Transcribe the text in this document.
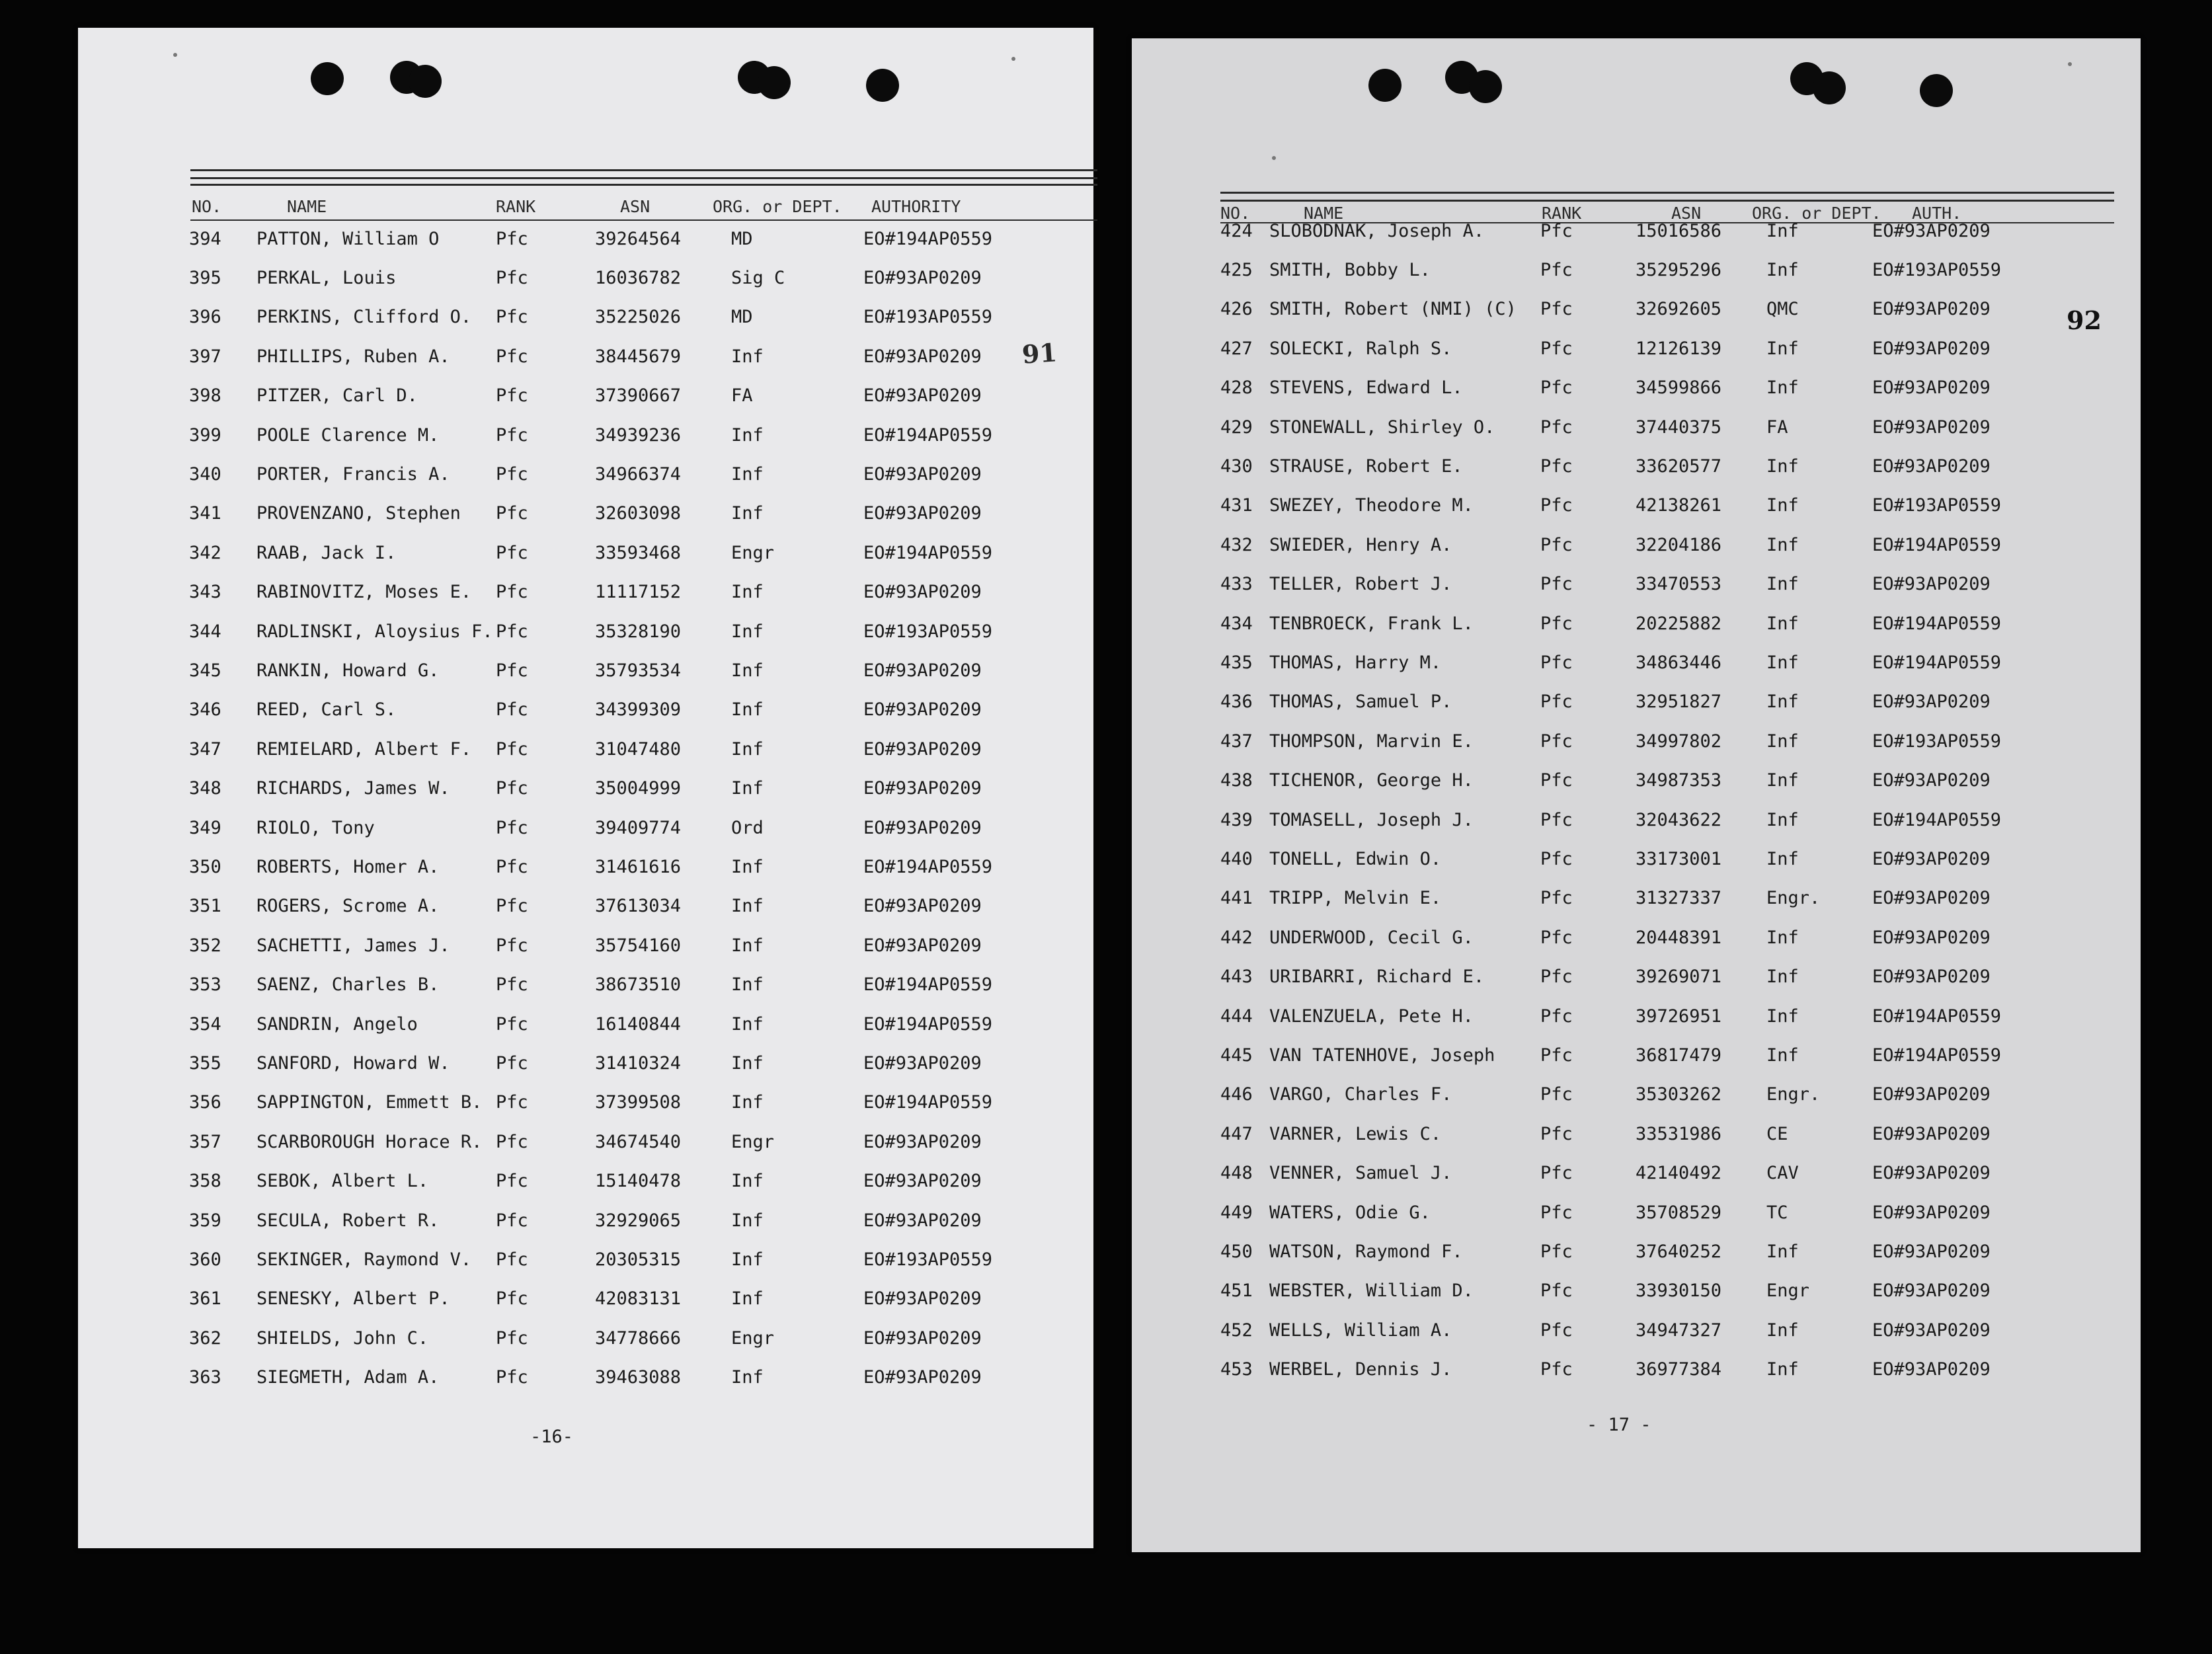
NO.	NAME	RANK	ASN	ORG. or DEPT. AUTHORITY
394 PATTON, William O	Pfc	39264564	MD	EO#194AP0559
395 PERKAL, Louis	Pfc	16036782	Sig C	EO#93AP0209
396 PERKINS, Clifford O. Pfc	35225026	MD	EO#193AP0559
397 PHILLIPS, Ruben A.	Pfc	38445679	Inf	EO#93AP0209
398 PITZER, Carl D.	Pfc	37390667	FA	EO#93AP0209
399 POOLE Clarence M.	Pfc	34939236	Inf	EO#194AP0559
340 PORTER, Francis A.	Pfc	34966374	Inf	EO#93AP0209
341 PROVENZANO, Stephen Pfc	32603098	Inf	EO#93AP0209
342 RAAB, Jack I.	Pfc	33593468	Engr	EO#194AP0559
343 RABINOVITZ, Moses E. Pfc	11117152	Inf	EO#93AP0209
344 RADLINSKI, Aloysius F. Pfc	35328190	Inf	EO#193AP0559
345 RANKIN, Howard G.	Pfc	35793534	Inf	EO#93AP0209
346 REED, Carl S.	Pfc	34399309	Inf	EO#93AP0209
347 REMIELARD, Albert F. Pfc	31047480	Inf	EO#93AP0209
348 RICHARDS, James W.	Pfc	35004999	Inf	EO#93AP0209
349 RIOLO, Tony	Pfc	39409774	Ord	EO#93AP0209
350 ROBERTS, Homer A.	Pfc	31461616	Inf	EO#194AP0559
351 ROGERS, Scrome A.	Pfc	37613034	Inf	EO#93AP0209
352 SACHETTI, James J.	Pfc	35754160	Inf	EO#93AP0209
353 SAENZ, Charles B.	Pfc	38673510	Inf	EO#194AP0559
354 SANDRIN, Angelo	Pfc	16140844	Inf	EO#194AP0559
355 SANFORD, Howard W.	Pfc	31410324	Inf	EO#93AP0209
356 SAPPINGTON, Emmett B. Pfc	37399508	Inf	EO#194AP0559
357 SCARBOROUGH Horace R. Pfc	34674540	Engr	EO#93AP0209
358 SEBOK, Albert L.	Pfc	15140478	Inf	EO#93AP0209
359 SECULA, Robert R.	Pfc	32929065	Inf	EO#93AP0209
360 SEKINGER, Raymond V. Pfc	20305315	Inf	EO#193AP0559
361 SENESKY, Albert P.	Pfc	42083131	Inf	EO#93AP0209
362 SHIELDS, John C.	Pfc	34778666	Engr	EO#93AP0209
363 SIEGMETH, Adam A.	Pfc	39463088	Inf	EO#93AP0209
-16-
91
NO.	NAME	RANK	ASN	ORG. or DEPT. AUTH.
424 SLOBODNAK, Joseph A.	Pfc	15016586	Inf	EO#93AP0209
425 SMITH, Bobby L.	Pfc	35295296	Inf	EO#193AP0559
426 SMITH, Robert (NMI) (C) Pfc	32692605	QMC	EO#93AP0209
427 SOLECKI, Ralph S.	Pfc	12126139	Inf	EO#93AP0209
428 STEVENS, Edward L.	Pfc	34599866	Inf	EO#93AP0209
429 STONEWALL, Shirley O.	Pfc	37440375	FA	EO#93AP0209
430 STRAUSE, Robert E.	Pfc	33620577	Inf	EO#93AP0209
431 SWEZEY, Theodore M.	Pfc	42138261	Inf	EO#193AP0559
432 SWIEDER, Henry A.	Pfc	32204186	Inf	EO#194AP0559
433 TELLER, Robert J.	Pfc	33470553	Inf	EO#93AP0209
434 TENBROECK, Frank L.	Pfc	20225882	Inf	EO#194AP0559
435 THOMAS, Harry M.	Pfc	34863446	Inf	EO#194AP0559
436 THOMAS, Samuel P.	Pfc	32951827	Inf	EO#93AP0209
437 THOMPSON, Marvin E.	Pfc	34997802	Inf	EO#193AP0559
438 TICHENOR, George H.	Pfc	34987353	Inf	EO#93AP0209
439 TOMASELL, Joseph J.	Pfc	32043622	Inf	EO#194AP0559
440 TONELL, Edwin O.	Pfc	33173001	Inf	EO#93AP0209
441 TRIPP, Melvin E.	Pfc	31327337	Engr.	EO#93AP0209
442 UNDERWOOD, Cecil G.	Pfc	20448391	Inf	EO#93AP0209
443 URIBARRI, Richard E.	Pfc	39269071	Inf	EO#93AP0209
444 VALENZUELA, Pete H.	Pfc	39726951	Inf	EO#194AP0559
445 VAN TATENHOVE, Joseph	Pfc	36817479	Inf	EO#194AP0559
446 VARGO, Charles F.	Pfc	35303262	Engr.	EO#93AP0209
447 VARNER, Lewis C.	Pfc	33531986	CE	EO#93AP0209
448 VENNER, Samuel J.	Pfc	42140492	CAV	EO#93AP0209
449 WATERS, Odie G.	Pfc	35708529	TC	EO#93AP0209
450 WATSON, Raymond F.	Pfc	37640252	Inf	EO#93AP0209
451 WEBSTER, William D.	Pfc	33930150	Engr	EO#93AP0209
452 WELLS, William A.	Pfc	34947327	Inf	EO#93AP0209
453 WERBEL, Dennis J.	Pfc	36977384	Inf	EO#93AP0209
- 17 -
92
